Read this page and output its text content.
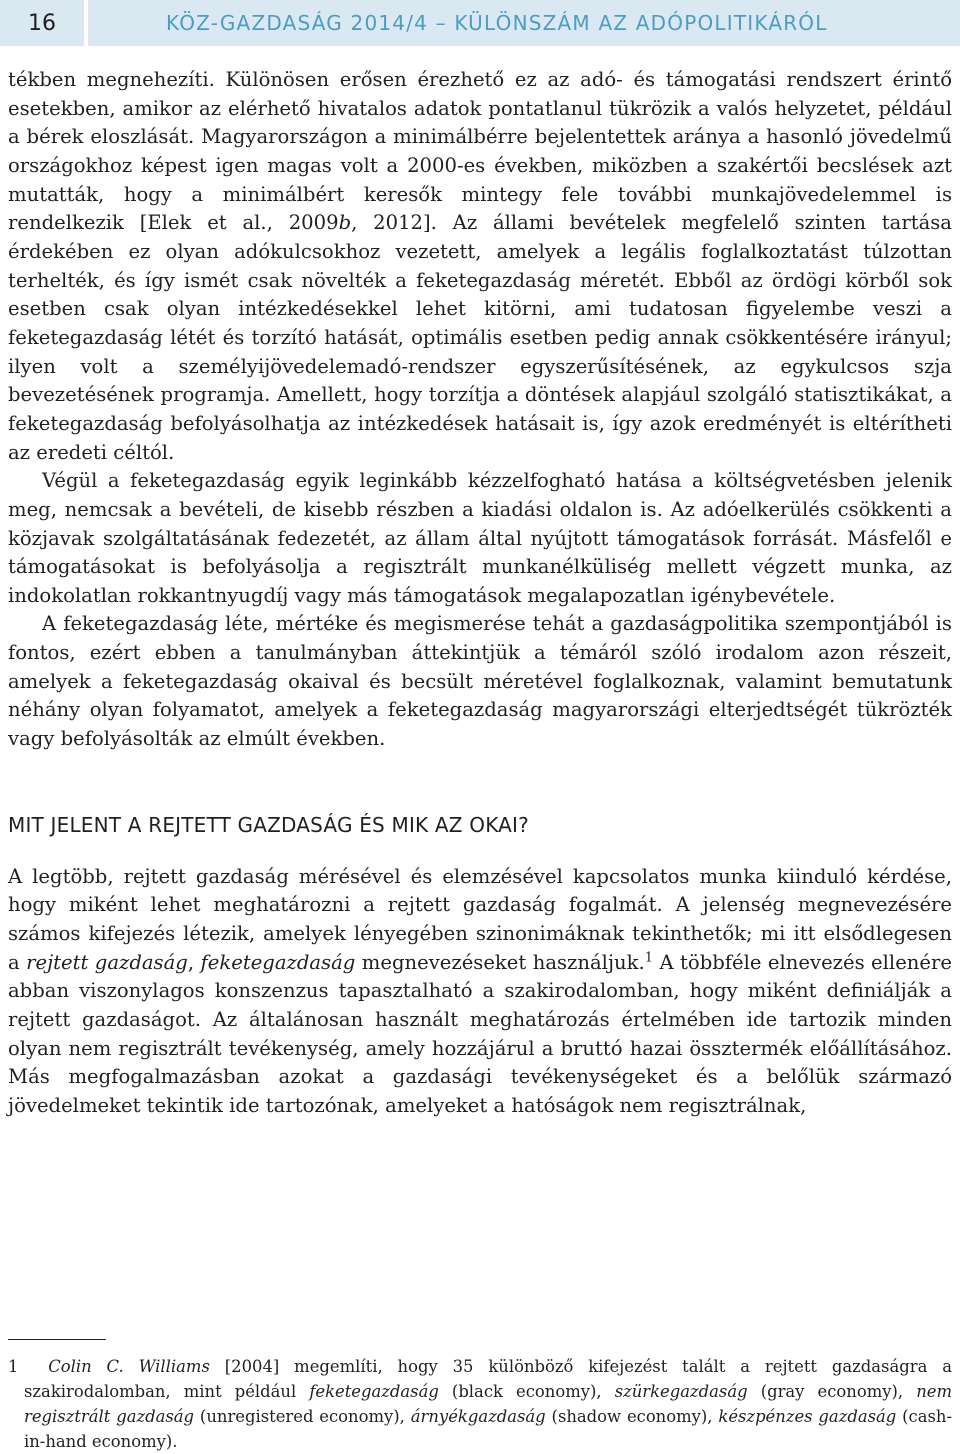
16	KÖZ-GAZDASÁG 2014/4 – KÜLÖNSZÁM AZ ADÓPOLITIKÁRÓL

tékben megnehezíti. Különösen erősen érezhető ez az adó- és támogatási rendszert érintő esetekben, amikor az elérhető hivatalos adatok pontatlanul tükrözik a valós helyzetet, például a bérek eloszlását. Magyarországon a minimálbérre bejelentettek aránya a hasonló jövedelmű országokhoz képest igen magas volt a 2000-es években, miközben a szakértői becslések azt mutatták, hogy a minimálbért keresők mintegy fele további munkajövedelemmel is rendelkezik [Elek et al., 2009b, 2012]. Az állami bevételek megfelelő szinten tartása érdekében ez olyan adókulcsokhoz vezetett, amelyek a legális foglalkoztatást túlzottan terhelték, és így ismét csak növelték a feketegazdaság méretét. Ebből az ördögi körből sok esetben csak olyan intézkedésekkel lehet kitörni, ami tudatosan figyelembe veszi a feketegazdaság létét és torzító hatását, optimális esetben pedig annak csökkentésére irányul; ilyen volt a személyijövedelemadó-rendszer egyszerűsítésének, az egykulcsos szja bevezetésének programja. Amellett, hogy torzítja a döntések alapjául szolgáló statisztikákat, a feketegazdaság befolyásolhatja az intézkedések hatásait is, így azok eredményét is eltérítheti az eredeti céltól.

Végül a feketegazdaság egyik leginkább kézzelfogható hatása a költségvetésben jelenik meg, nemcsak a bevételi, de kisebb részben a kiadási oldalon is. Az adóelkerülés csökkenti a közjavak szolgáltatásának fedezetét, az állam által nyújtott támogatások forrását. Másfelől e támogatásokat is befolyásolja a regisztrált munkanélküliség mellett végzett munka, az indokolatlan rokkantnyugdíj vagy más támogatások megalapozatlan igénybevétele.

A feketegazdaság léte, mértéke és megismerése tehát a gazdaságpolitika szempontjából is fontos, ezért ebben a tanulmányban áttekintjük a témáról szóló irodalom azon részeit, amelyek a feketegazdaság okaival és becsült méretével foglalkoznak, valamint bemutatunk néhány olyan folyamatot, amelyek a feketegazdaság magyarországi elterjedtségét tükrözték vagy befolyásolták az elmúlt években.

MIT JELENT A REJTETT GAZDASÁG ÉS MIK AZ OKAI?

A legtöbb, rejtett gazdaság mérésével és elemzésével kapcsolatos munka kiinduló kérdése, hogy miként lehet meghatározni a rejtett gazdaság fogalmát. A jelenség megnevezésére számos kifejezés létezik, amelyek lényegében szinonimáknak tekinthetők; mi itt elsődlegesen a rejtett gazdaság, feketegazdaság megnevezéseket használjuk.$^1$ A többféle elnevezés ellenére abban viszonylagos konszenzus tapasztalható a szakirodalomban, hogy miként definiálják a rejtett gazdaságot. Az általánosan használt meghatározás értelmében ide tartozik minden olyan nem regisztrált tevékenység, amely hozzájárul a bruttó hazai össztermék előállításához. Más megfogalmazásban azokat a gazdasági tevékenységeket és a belőlük származó jövedelmeket tekintik ide tartozónak, amelyeket a hatóságok nem regisztrálnak,

1 Colin C. Williams [2004] megemlíti, hogy 35 különböző kifejezést talált a rejtett gazdaságra a szakirodalomban, mint például feketegazdaság (black economy), szürkegazdaság (gray economy), nem regisztrált gazdaság (unregistered economy), árnyékgazdaság (shadow economy), készpénzes gazdaság (cash-in-hand economy).
